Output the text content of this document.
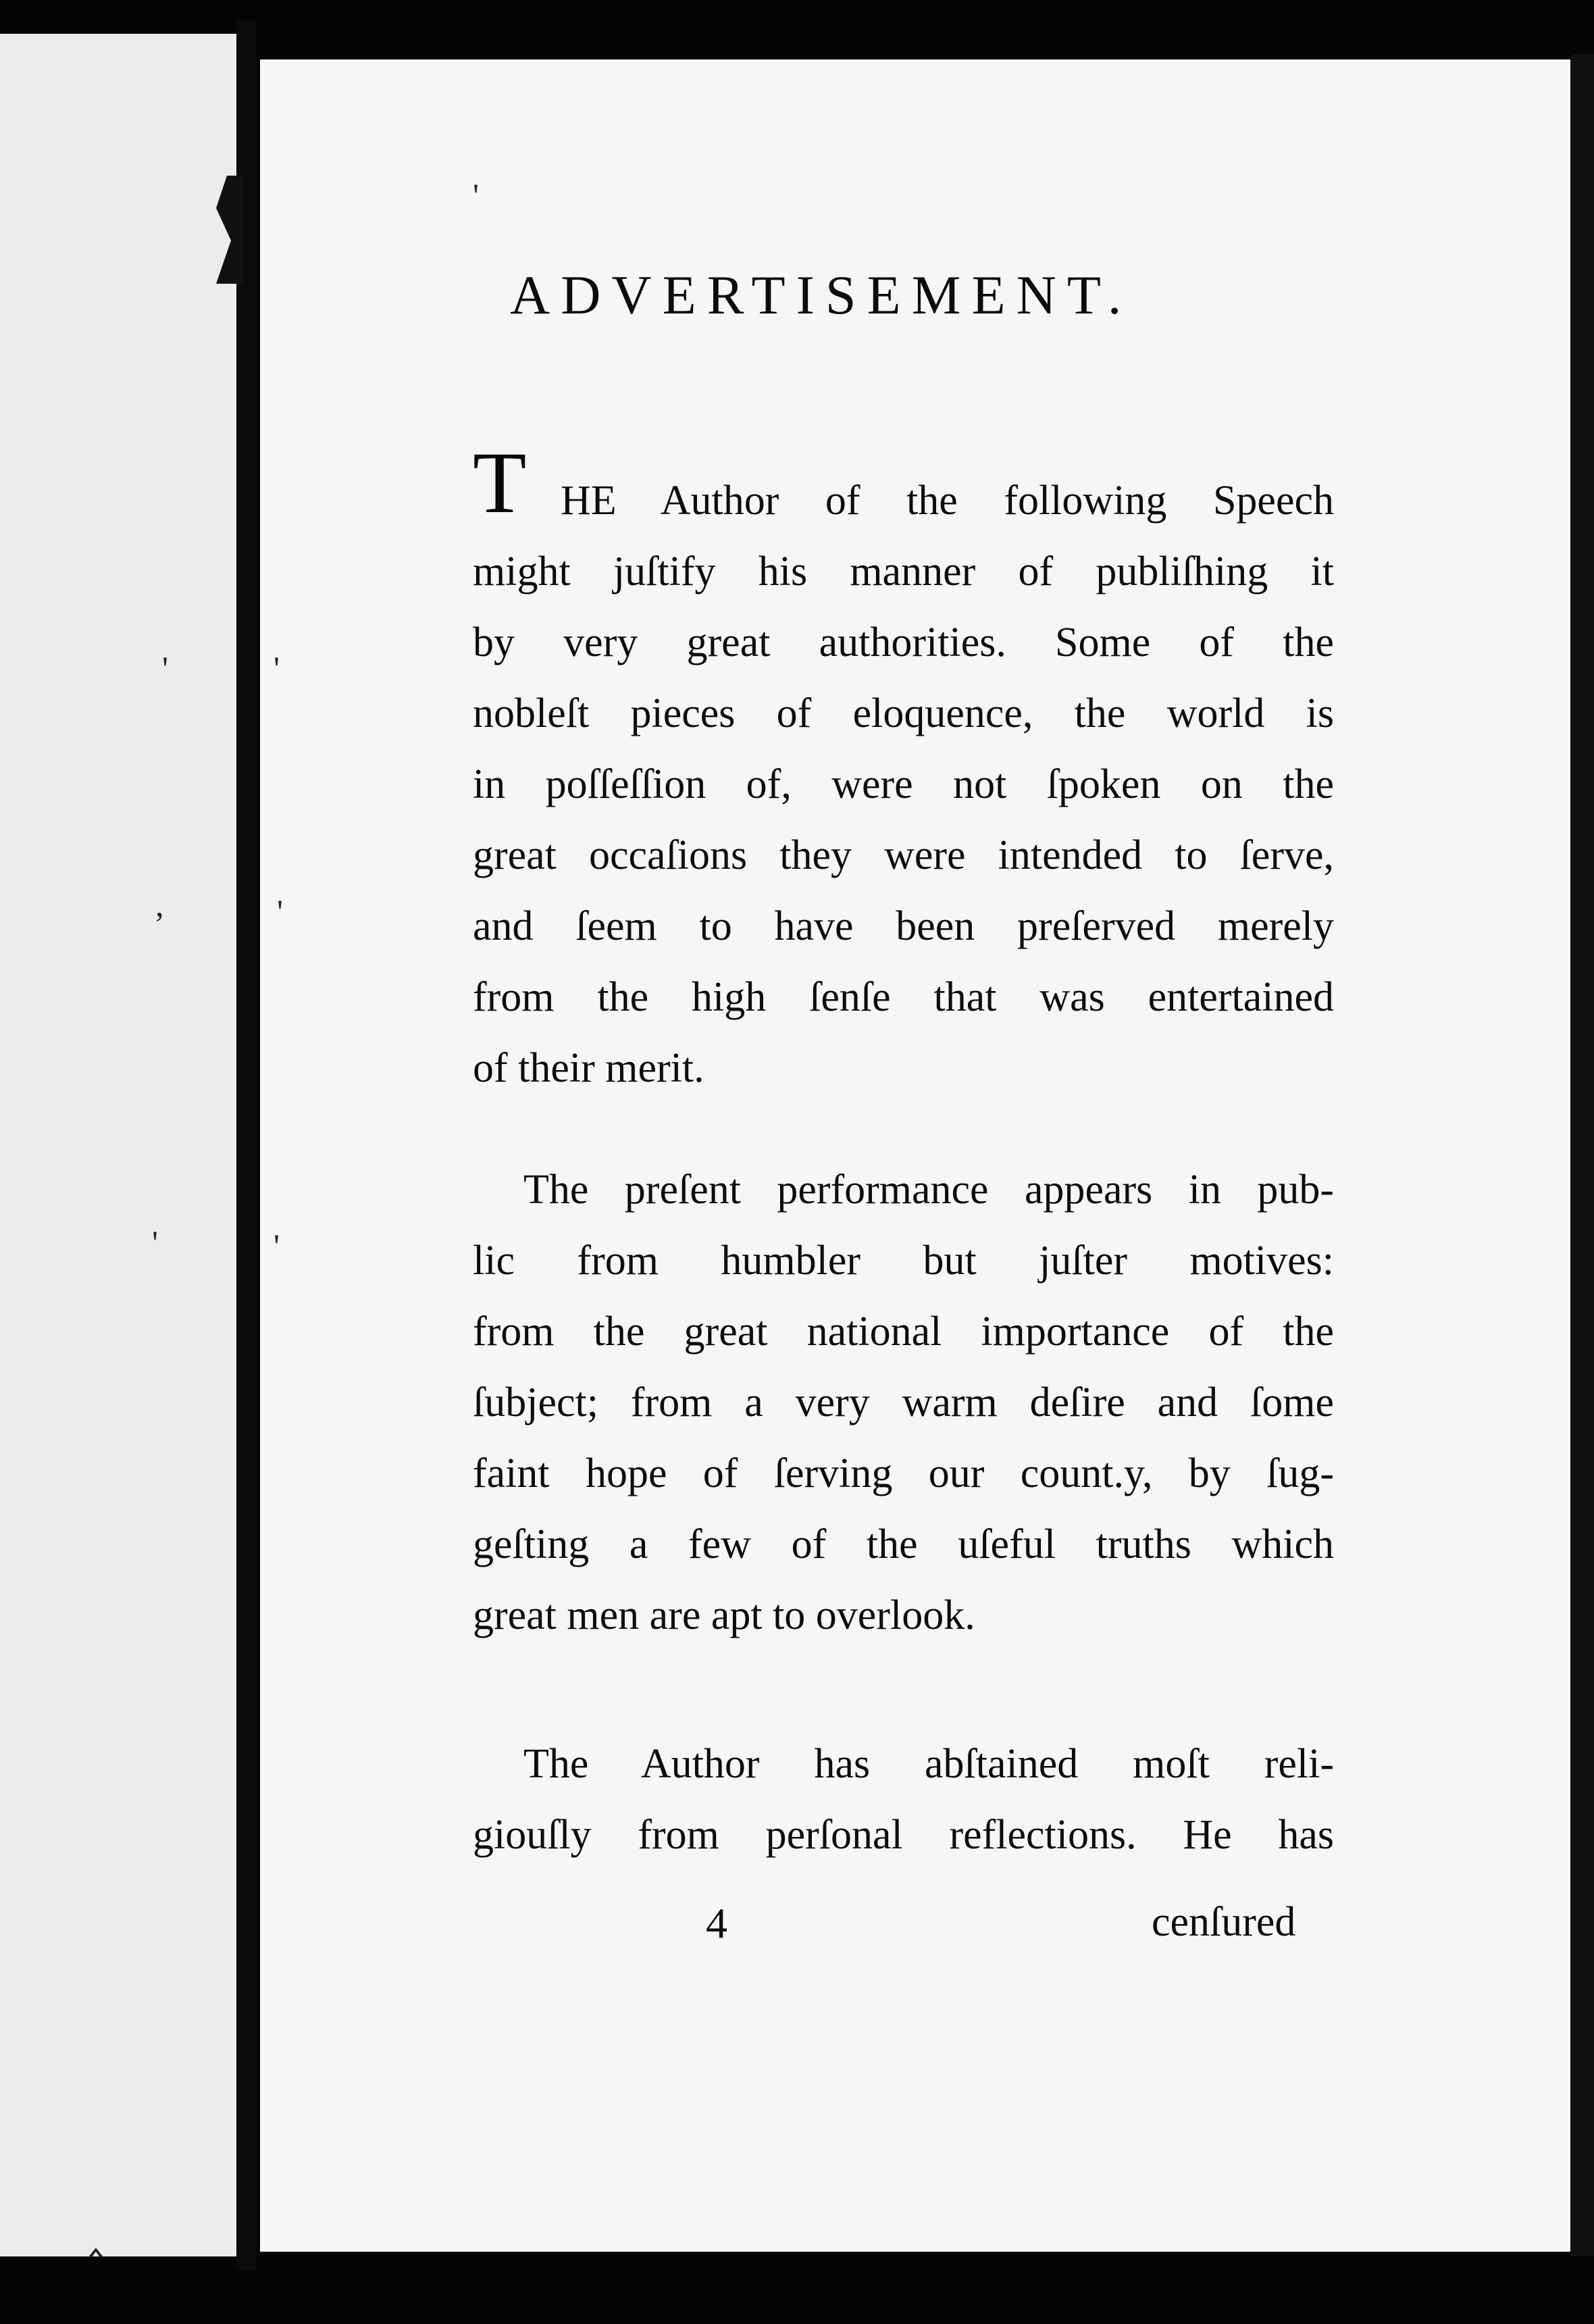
'	'
,	'
'	'
'
ADVERTISEMENT.
T HE Author of the following Speech
might juſtify his manner of publiſhing it
by very great authorities. Some of the
nobleſt pieces of eloquence, the world is
in poſſeſſion of, were not ſpoken on the
great occaſions they were intended to ſerve,
and ſeem to have been preſerved merely
from the high ſenſe that was entertained
of their merit.
The preſent performance appears in pub-
lic from humbler but juſter motives:
from the great national importance of the
ſubject; from a very warm deſire and ſome
faint hope of ſerving our count.y, by ſug-
geſting a few of the uſeful truths which
great men are apt to overlook.
The Author has abſtained moſt reli-
giouſly from perſonal reflections. He has
4	cenſured
‸
